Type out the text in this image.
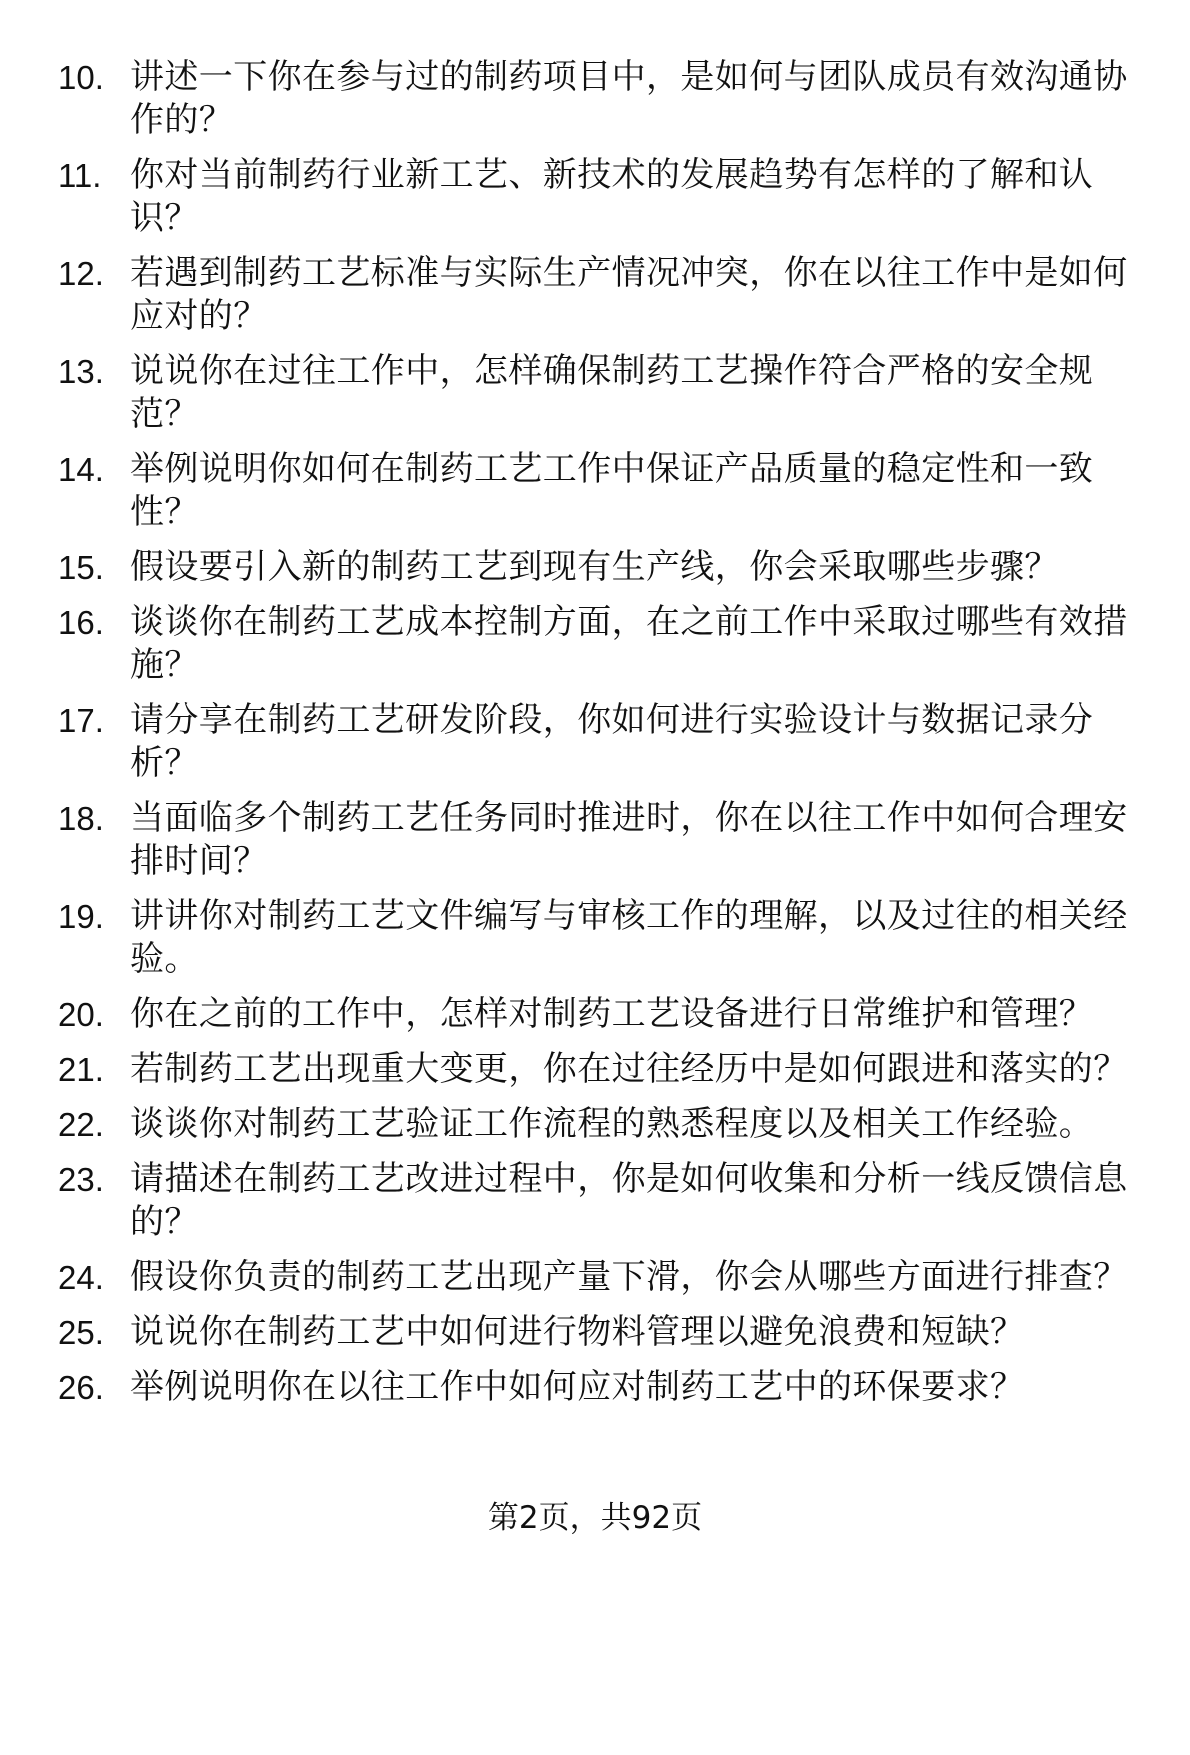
10. 讲述一下你在参与过的制药项目中，是如何与团队成员有效沟通协作的？
11. 你对当前制药行业新工艺、新技术的发展趋势有怎样的了解和认识？
12. 若遇到制药工艺标准与实际生产情况冲突，你在以往工作中是如何应对的？
13. 说说你在过往工作中，怎样确保制药工艺操作符合严格的安全规范？
14. 举例说明你如何在制药工艺工作中保证产品质量的稳定性和一致性？
15. 假设要引入新的制药工艺到现有生产线，你会采取哪些步骤？
16. 谈谈你在制药工艺成本控制方面，在之前工作中采取过哪些有效措施？
17. 请分享在制药工艺研发阶段，你如何进行实验设计与数据记录分析？
18. 当面临多个制药工艺任务同时推进时，你在以往工作中如何合理安排时间？
19. 讲讲你对制药工艺文件编写与审核工作的理解，以及过往的相关经验。
20. 你在之前的工作中，怎样对制药工艺设备进行日常维护和管理？
21. 若制药工艺出现重大变更，你在过往经历中是如何跟进和落实的？
22. 谈谈你对制药工艺验证工作流程的熟悉程度以及相关工作经验。
23. 请描述在制药工艺改进过程中，你是如何收集和分析一线反馈信息的？
24. 假设你负责的制药工艺出现产量下滑，你会从哪些方面进行排查？
25. 说说你在制药工艺中如何进行物料管理以避免浪费和短缺？
26. 举例说明你在以往工作中如何应对制药工艺中的环保要求？
第2页，共92页
